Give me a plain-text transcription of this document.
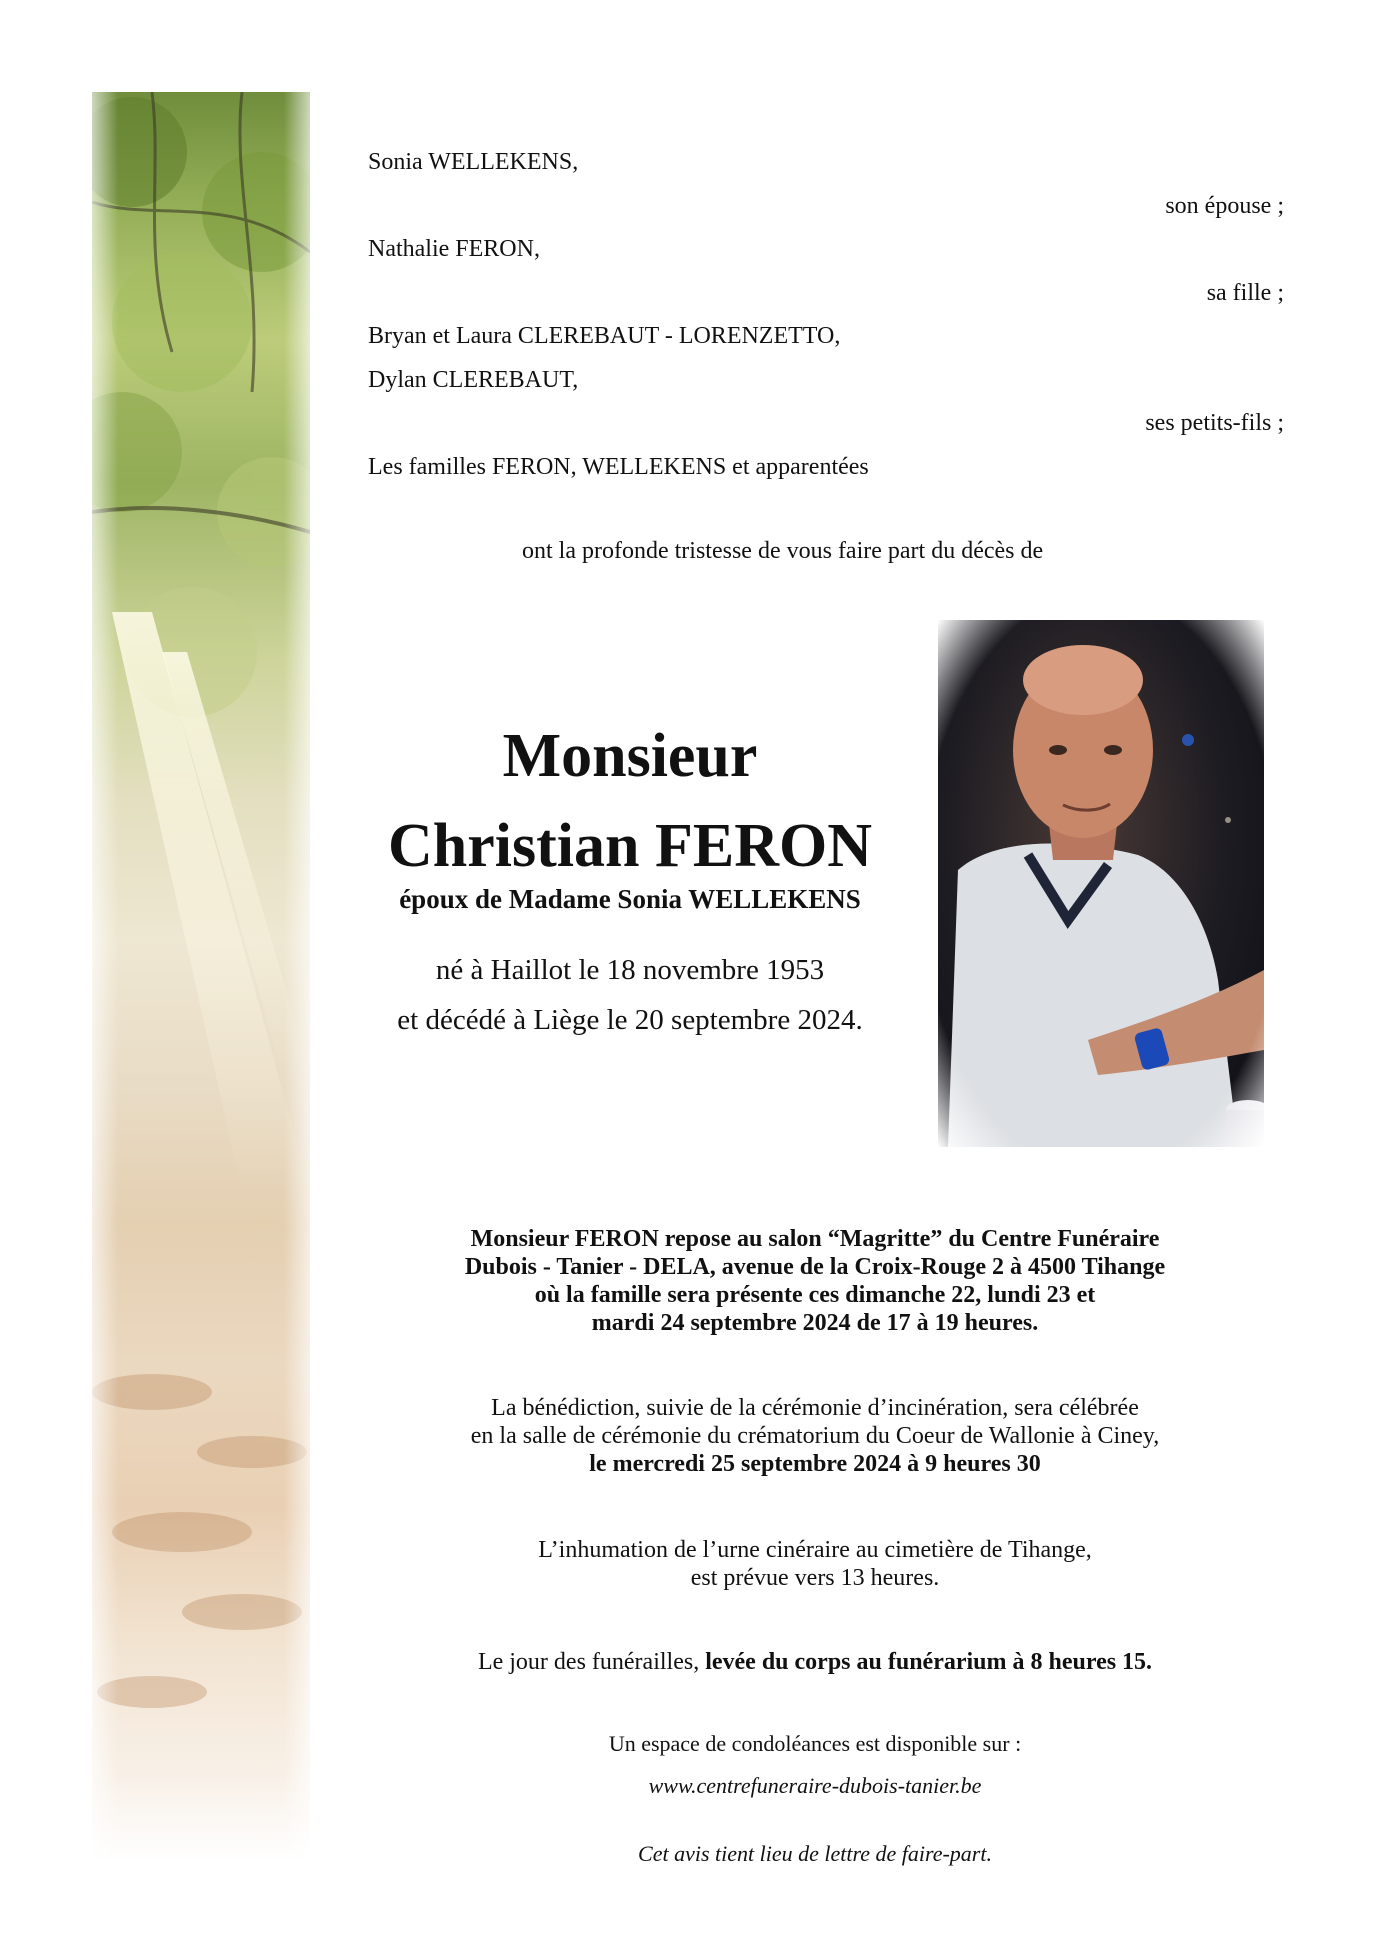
Sonia WELLEKENS,
son épouse ;
Nathalie FERON,
sa fille ;
Bryan et Laura CLEREBAUT - LORENZETTO,
Dylan CLEREBAUT,
ses petits-fils ;
Les familles FERON, WELLEKENS et apparentées
ont la profonde tristesse de vous faire part du décès de
Monsieur
Christian FERON
époux de Madame Sonia WELLEKENS
né à Haillot le 18 novembre 1953
et décédé à Liège le 20 septembre 2024.
Monsieur FERON repose au salon “Magritte” du Centre Funéraire
Dubois - Tanier - DELA, avenue de la Croix-Rouge 2 à 4500 Tihange
où la famille sera présente ces dimanche 22, lundi 23 et
mardi 24 septembre 2024 de 17 à 19 heures.
La bénédiction, suivie de la cérémonie d’incinération, sera célébrée
en la salle de cérémonie du crématorium du Coeur de Wallonie à Ciney,
le mercredi 25 septembre 2024 à 9 heures 30
L’inhumation de l’urne cinéraire au cimetière de Tihange,
est prévue vers 13 heures.
Le jour des funérailles, levée du corps au funérarium à 8 heures 15.
Un espace de condoléances est disponible sur :
www.centrefuneraire-dubois-tanier.be
Cet avis tient lieu de lettre de faire-part.
